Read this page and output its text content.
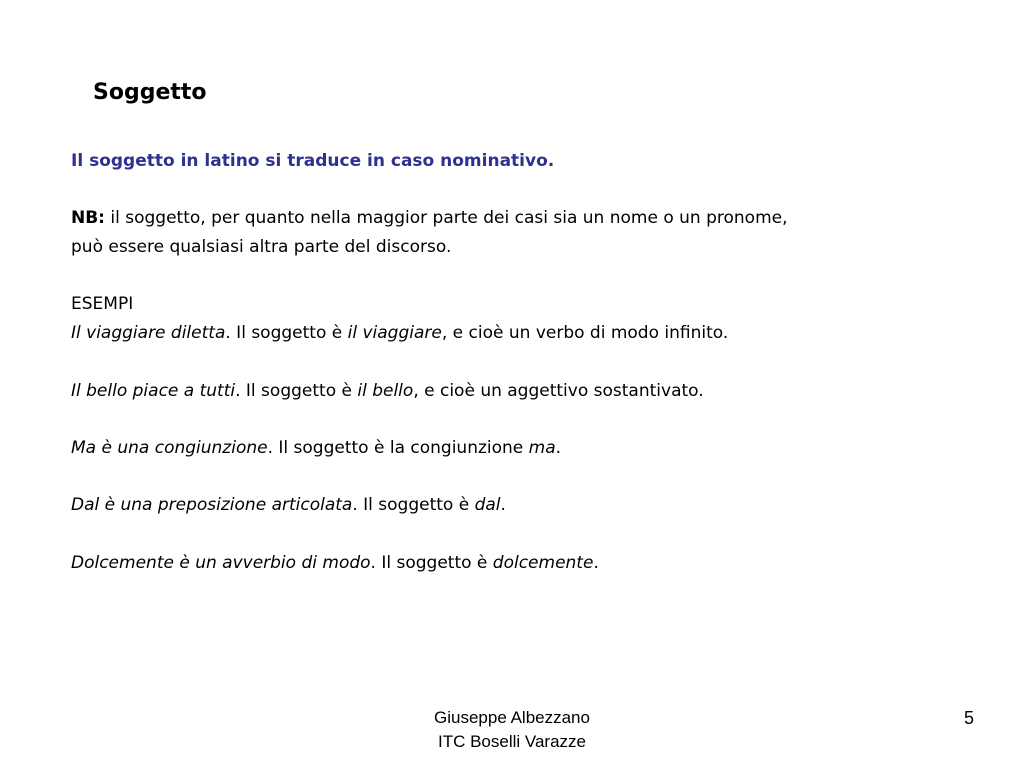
Soggetto

Il soggetto in latino si traduce in caso nominativo.

NB: il soggetto, per quanto nella maggior parte dei casi sia un nome o un pronome,

può essere qualsiasi altra parte del discorso.

ESEMPI

Il viaggiare diletta. Il soggetto è il viaggiare, e cioè un verbo di modo infinito.

Il bello piace a tutti. Il soggetto è il bello, e cioè un aggettivo sostantivato.

Ma è una congiunzione. Il soggetto è la congiunzione ma.

Dal è una preposizione articolata. Il soggetto è dal.

Dolcemente è un avverbio di modo. Il soggetto è dolcemente.

Giuseppe Albezzano
ITC Boselli Varazze
5
